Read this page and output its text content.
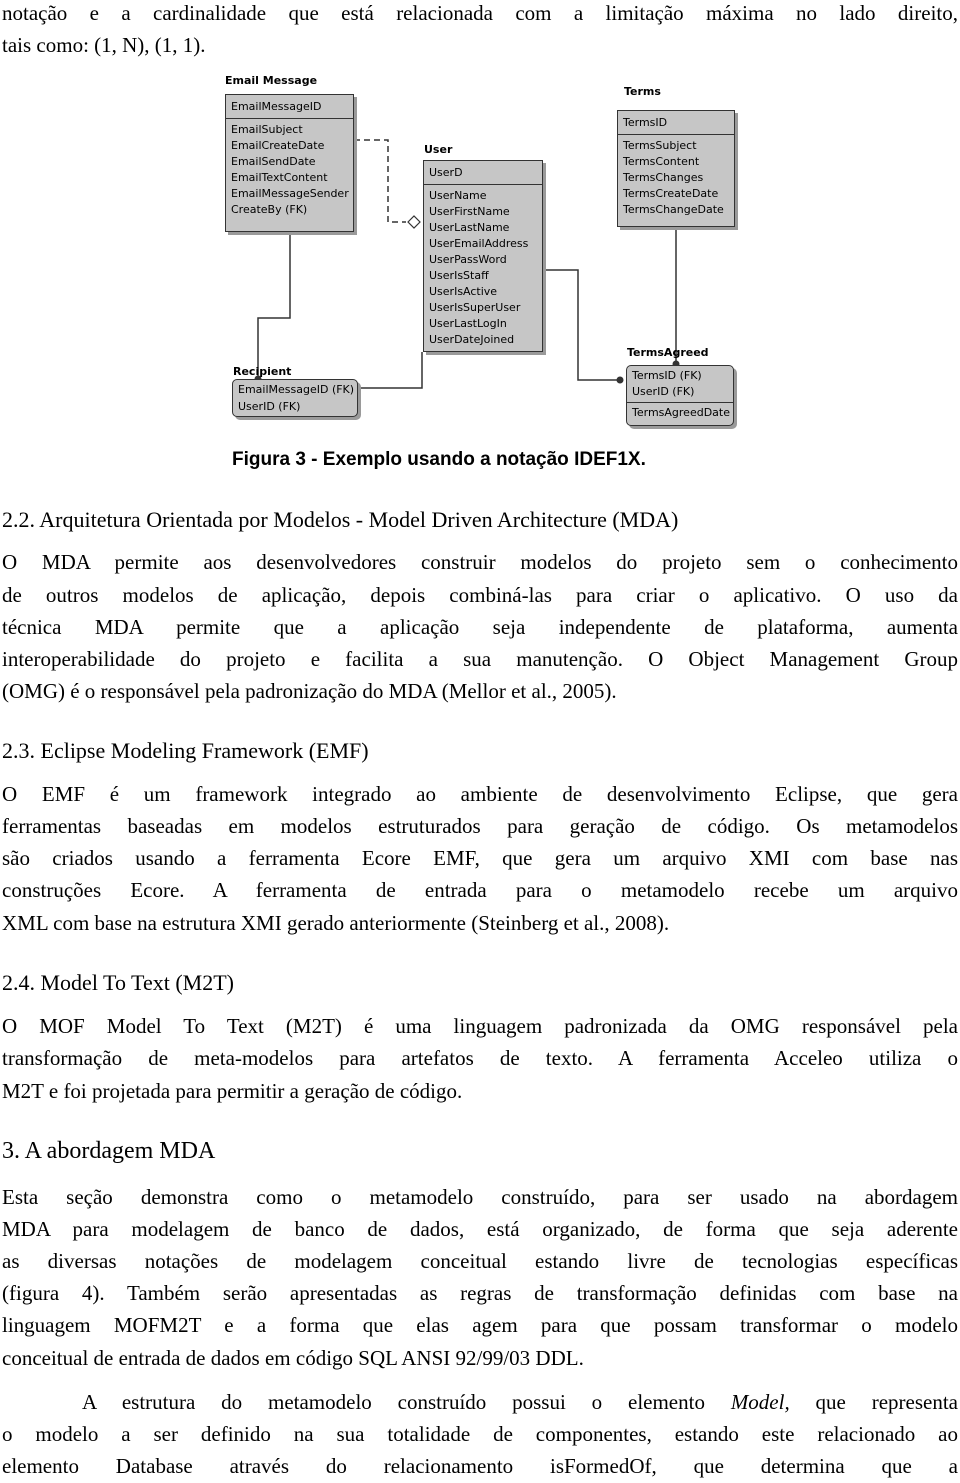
notação e a cardinalidade que está relacionada com a limitação máxima no lado direito,
tais como: (1, N), (1, 1).
Email Message
EmailMessageID
EmailSubject
EmailCreateDate
EmailSendDate
EmailTextContent
EmailMessageSender
CreateBy (FK)
User
UserD
UserName
UserFirstName
UserLastName
UserEmailAddress
UserPassWord
UserIsStaff
UserIsActive
UserIsSuperUser
UserLastLogIn
UserDateJoined
Terms
TermsID
TermsSubject
TermsContent
TermsChanges
TermsCreateDate
TermsChangeDate
Recipient
EmailMessageID (FK)
UserID (FK)
TermsAgreed
TermsID (FK)
UserID (FK)
TermsAgreedDate
Figura 3 - Exemplo usando a notação IDEF1X.
2.2. Arquitetura Orientada por Modelos - Model Driven Architecture (MDA)
O MDA permite aos desenvolvedores construir modelos do projeto sem o conhecimento
de outros modelos de aplicação, depois combiná-las para criar o aplicativo. O uso da
técnica MDA permite que a aplicação seja independente de plataforma, aumenta
interoperabilidade do projeto e facilita a sua manutenção. O Object Management Group
(OMG) é o responsável pela padronização do MDA (Mellor et al., 2005).
2.3. Eclipse Modeling Framework (EMF)
O EMF é um framework integrado ao ambiente de desenvolvimento Eclipse, que gera
ferramentas baseadas em modelos estruturados para geração de código. Os metamodelos
são criados usando a ferramenta Ecore EMF, que gera um arquivo XMI com base nas
construções Ecore. A ferramenta de entrada para o metamodelo recebe um arquivo
XML com base na estrutura XMI gerado anteriormente (Steinberg et al., 2008).
2.4. Model To Text (M2T)
O MOF Model To Text (M2T) é uma linguagem padronizada da OMG responsável pela
transformação de meta-modelos para artefatos de texto. A ferramenta Acceleo utiliza o
M2T e foi projetada para permitir a geração de código.
3. A abordagem MDA
Esta seção demonstra como o metamodelo construído, para ser usado na abordagem
MDA para modelagem de banco de dados, está organizado, de forma que seja aderente
as diversas notações de modelagem conceitual estando livre de tecnologias específicas
(figura 4). Também serão apresentadas as regras de transformação definidas com base na
linguagem MOFM2T e a forma que elas agem para que possam transformar o modelo
conceitual de entrada de dados em código SQL ANSI 92/99/03 DDL.
A estrutura do metamodelo construído possui o elemento Model, que representa
o modelo a ser definido na sua totalidade de componentes, estando este relacionado ao
elemento Database através do relacionamento isFormedOf, que determina que a
